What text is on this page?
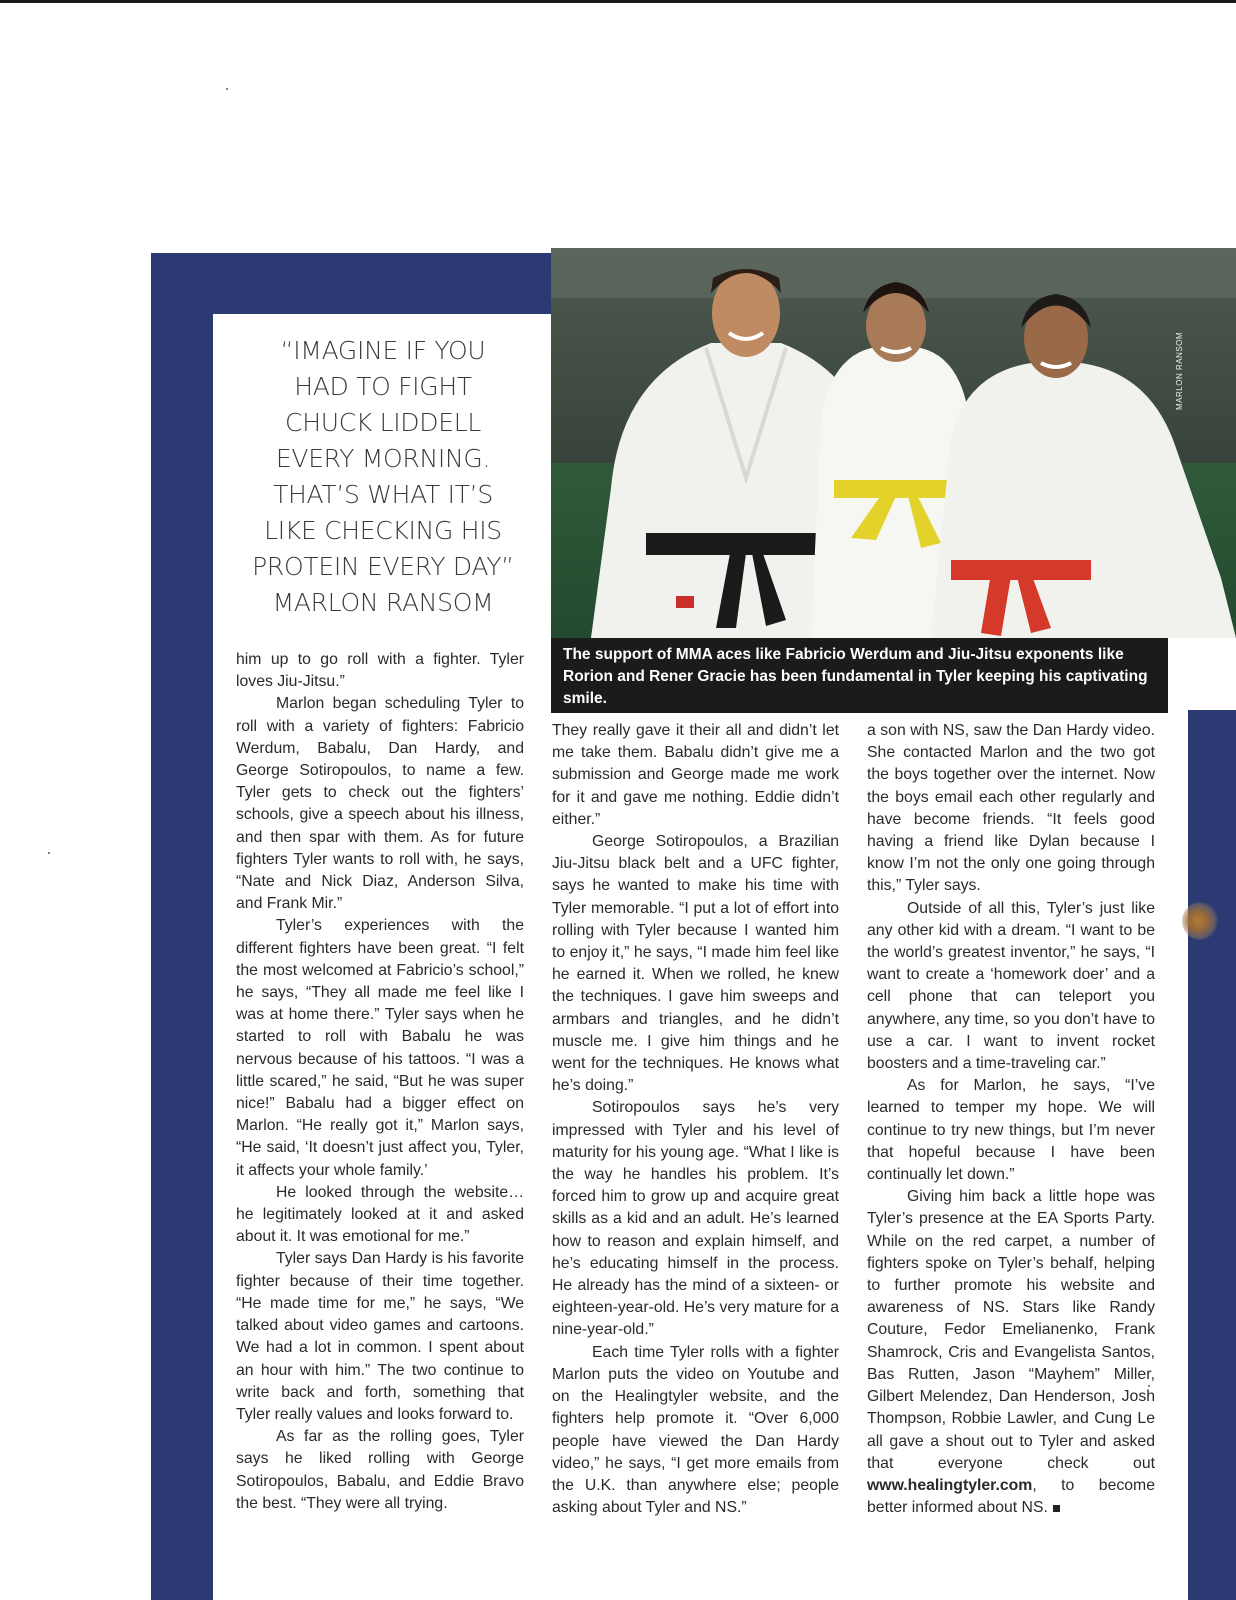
MARLON RANSOM
The support of MMA aces like Fabricio Werdum and Jiu-Jitsu exponents like Rorion and Rener Gracie has been fundamental in Tyler keeping his captivating smile.
“IMAGINE IF YOU
HAD TO FIGHT
CHUCK LIDDELL
EVERY MORNING.
THAT’S WHAT IT’S
LIKE CHECKING HIS
PROTEIN EVERY DAY”
MARLON RANSOM

him up to go roll with a fighter. Tyler loves Jiu-Jitsu.”

Marlon began scheduling Tyler to roll with a variety of fighters: Fabricio Werdum, Babalu, Dan Hardy, and George Sotiropoulos, to name a few. Tyler gets to check out the fighters’ schools, give a speech about his illness, and then spar with them. As for future fighters Tyler wants to roll with, he says, “Nate and Nick Diaz, Anderson Silva, and Frank Mir.”

Tyler’s experiences with the different fighters have been great. “I felt the most welcomed at Fabricio’s school,” he says, “They all made me feel like I was at home there.” Tyler says when he started to roll with Babalu he was nervous because of his tattoos. “I was a little scared,” he said, “But he was super nice!” Babalu had a bigger effect on Marlon. “He really got it,” Marlon says, “He said, ‘It doesn’t just affect you, Tyler, it affects your whole family.’

He looked through the website… he legitimately looked at it and asked about it. It was emotional for me.”

Tyler says Dan Hardy is his favorite fighter because of their time together. “He made time for me,” he says, “We talked about video games and cartoons. We had a lot in common. I spent about an hour with him.” The two continue to write back and forth, something that Tyler really values and looks forward to.

As far as the rolling goes, Tyler says he liked rolling with George Sotiropoulos, Babalu, and Eddie Bravo the best. “They were all trying.

They really gave it their all and didn’t let me take them. Babalu didn’t give me a submission and George made me work for it and gave me nothing. Eddie didn’t either.”

George Sotiropoulos, a Brazilian Jiu-Jitsu black belt and a UFC fighter, says he wanted to make his time with Tyler memorable. “I put a lot of effort into rolling with Tyler because I wanted him to enjoy it,” he says, “I made him feel like he earned it. When we rolled, he knew the techniques. I gave him sweeps and armbars and triangles, and he didn’t muscle me. I give him things and he went for the techniques. He knows what he’s doing.”

Sotiropoulos says he’s very impressed with Tyler and his level of maturity for his young age. “What I like is the way he handles his problem. It’s forced him to grow up and acquire great skills as a kid and an adult. He’s learned how to reason and explain himself, and he’s educating himself in the process. He already has the mind of a sixteen- or eighteen-year-old. He’s very mature for a nine-year-old.”

Each time Tyler rolls with a fighter Marlon puts the video on Youtube and on the Healingtyler website, and the fighters help promote it. “Over 6,000 people have viewed the Dan Hardy video,” he says, “I get more emails from the U.K. than anywhere else; people asking about Tyler and NS.”

a son with NS, saw the Dan Hardy video. She contacted Marlon and the two got the boys together over the internet. Now the boys email each other regularly and have become friends. “It feels good having a friend like Dylan because I know I’m not the only one going through this,” Tyler says.

Outside of all this, Tyler’s just like any other kid with a dream. “I want to be the world’s greatest inventor,” he says, “I want to create a ‘homework doer’ and a cell phone that can teleport you anywhere, any time, so you don’t have to use a car. I want to invent rocket boosters and a time-traveling car.”

As for Marlon, he says, “I’ve learned to temper my hope. We will continue to try new things, but I’m never that hopeful because I have been continually let down.”

Giving him back a little hope was Tyler’s presence at the EA Sports Party. While on the red carpet, a number of fighters spoke on Tyler’s behalf, helping to further promote his website and awareness of NS. Stars like Randy Couture, Fedor Emelianenko, Frank Shamrock, Cris and Evangelista Santos, Bas Rutten, Jason “Mayhem” Miller, Gilbert Melendez, Dan Henderson, Josh Thompson, Robbie Lawler, and Cung Le all gave a shout out to Tyler and asked that everyone check out www.healingtyler.com, to become better informed about NS.
